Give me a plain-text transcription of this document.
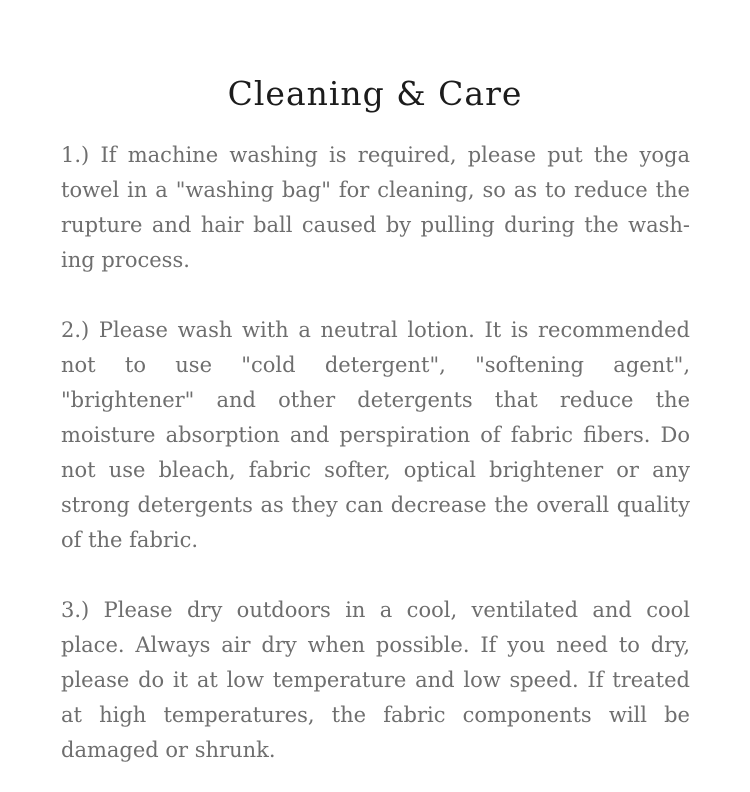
Cleaning & Care

1.) If machine washing is required, please put the yoga towel in a "washing bag" for cleaning, so as to reduce the rupture and hair ball caused by pulling during the washing process.

2.) Please wash with a neutral lotion. It is recommended not to use "cold detergent", "softening agent", "brightener" and other detergents that reduce the moisture absorption and perspiration of fabric fibers. Do not use bleach, fabric softer, optical brightener or any strong detergents as they can decrease the overall quality of the fabric.

3.) Please dry outdoors in a cool, ventilated and cool place. Always air dry when possible. If you need to dry, please do it at low temperature and low speed. If treated at high temperatures, the fabric components will be damaged or shrunk.
